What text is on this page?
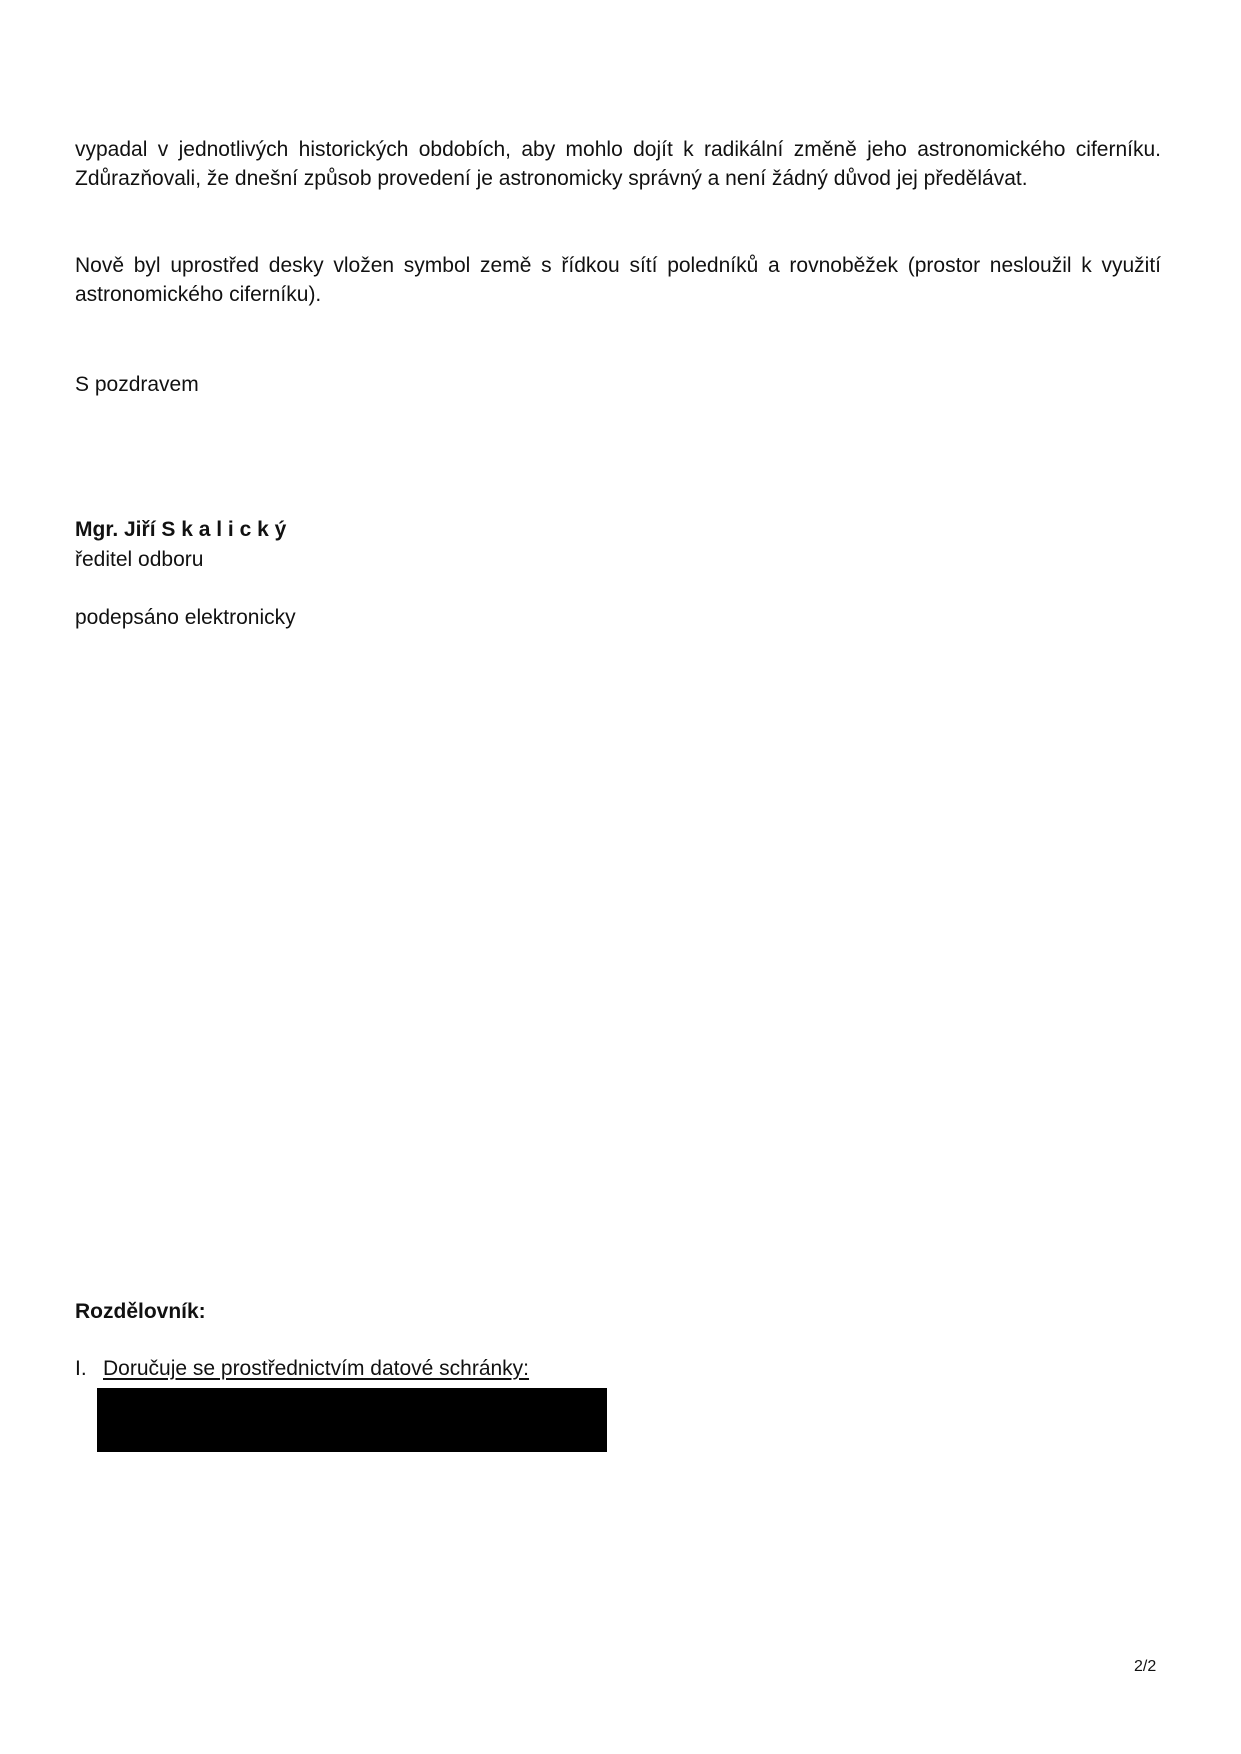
vypadal v jednotlivých historických obdobích, aby mohlo dojít k radikální změně jeho astronomického ciferníku. Zdůrazňovali, že dnešní způsob provedení je astronomicky správný a není žádný důvod jej předělávat.

Nově byl uprostřed desky vložen symbol země s řídkou sítí poledníků a rovnoběžek (prostor nesloužil k využití astronomického ciferníku).

S pozdravem

Mgr. Jiří S k a l i c k ý

ředitel odboru

podepsáno elektronicky

Rozdělovník:

I. Doručuje se prostřednictvím datové schránky:
2/2
